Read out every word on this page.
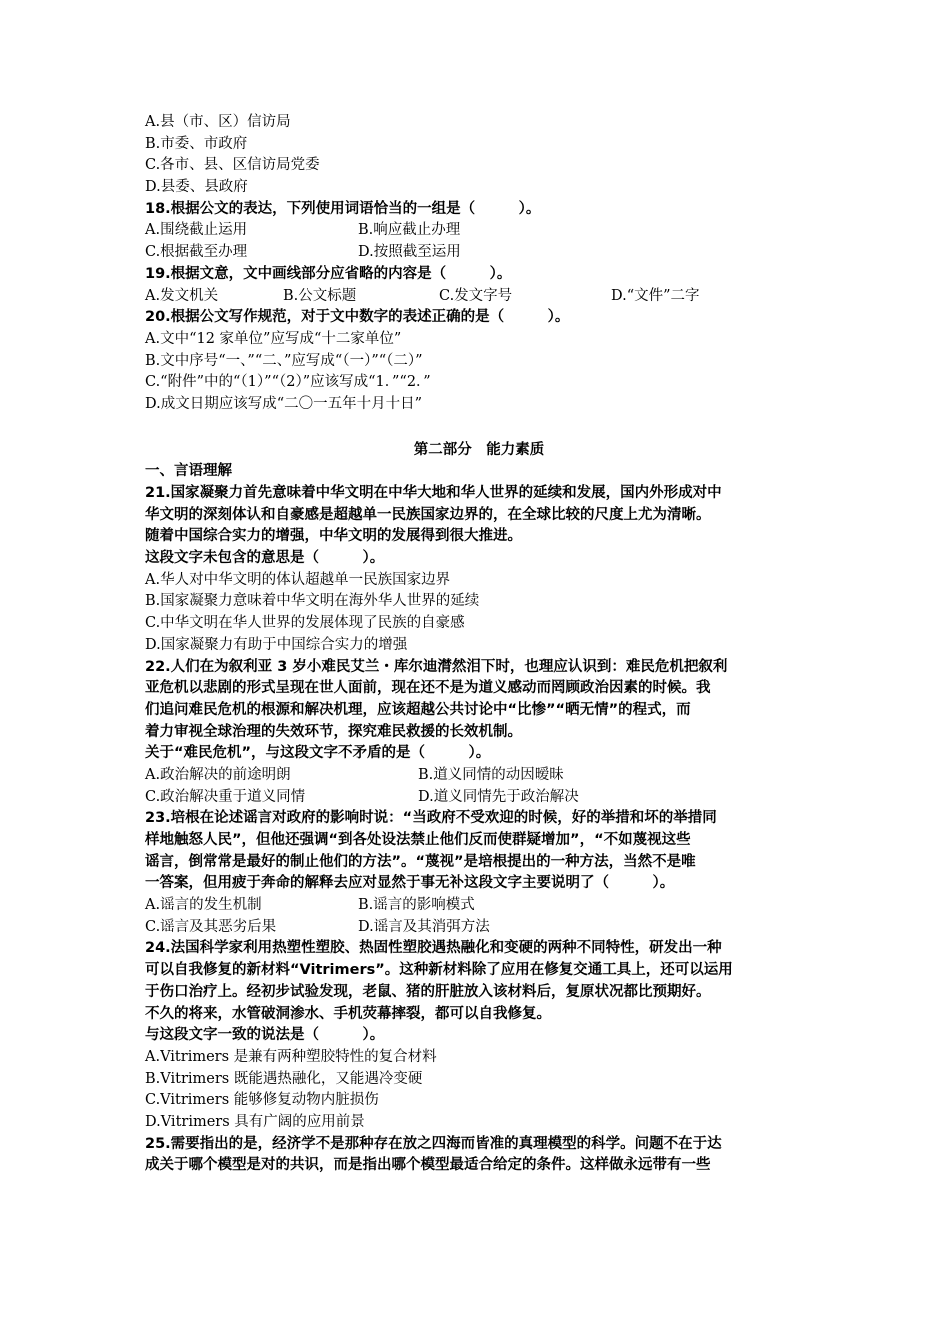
A.县（市、区）信访局
B.市委、市政府
C.各市、县、区信访局党委
D.县委、县政府
18.根据公文的表达，下列使用词语恰当的一组是（　　　）。
A.围绕截止运用	B.响应截止办理
C.根据截至办理	D.按照截至运用
19.根据文意，文中画线部分应省略的内容是（　　　）。
A.发文机关	B.公文标题	C.发文字号	D.“文件”二字
20.根据公文写作规范，对于文中数字的表述正确的是（　　　）。
A.文中“12 家单位”应写成“十二家单位”
B.文中序号“一、”“二、”应写成“（一）”“（二）”
C.“附件”中的“（1）”“（2）”应该写成“1．”“2．”
D.成文日期应该写成“二〇一五年十月十日”
第二部分　能力素质
一、言语理解
21.国家凝聚力首先意味着中华文明在中华大地和华人世界的延续和发展，国内外形成对中
华文明的深刻体认和自豪感是超越单一民族国家边界的，在全球比较的尺度上尤为清晰。
随着中国综合实力的增强，中华文明的发展得到很大推进。
这段文字未包含的意思是（　　　）。
A.华人对中华文明的体认超越单一民族国家边界
B.国家凝聚力意味着中华文明在海外华人世界的延续
C.中华文明在华人世界的发展体现了民族的自豪感
D.国家凝聚力有助于中国综合实力的增强
22.人们在为叙利亚 3 岁小难民艾兰・库尔迪潸然泪下时，也理应认识到：难民危机把叙利
亚危机以悲剧的形式呈现在世人面前，现在还不是为道义感动而罔顾政治因素的时候。我
们追问难民危机的根源和解决机理，应该超越公共讨论中“比惨”“晒无情”的程式，而
着力审视全球治理的失效环节，探究难民救援的长效机制。
关于“难民危机”，与这段文字不矛盾的是（　　　）。
A.政治解决的前途明朗	B.道义同情的动因暧昧
C.政治解决重于道义同情	D.道义同情先于政治解决
23.培根在论述谣言对政府的影响时说：“当政府不受欢迎的时候，好的举措和坏的举措同
样地触怒人民”，但他还强调“到各处设法禁止他们反而使群疑增加”，“不如蔑视这些
谣言，倒常常是最好的制止他们的方法”。“蔑视”是培根提出的一种方法，当然不是唯
一答案，但用疲于奔命的解释去应对显然于事无补这段文字主要说明了（　　　）。
A.谣言的发生机制	B.谣言的影响模式
C.谣言及其恶劣后果	D.谣言及其消弭方法
24.法国科学家利用热塑性塑胶、热固性塑胶遇热融化和变硬的两种不同特性，研发出一种
可以自我修复的新材料“Vitrimers”。这种新材料除了应用在修复交通工具上，还可以运用
于伤口治疗上。经初步试验发现，老鼠、猪的肝脏放入该材料后，复原状况都比预期好。
不久的将来，水管破洞渗水、手机荧幕摔裂，都可以自我修复。
与这段文字一致的说法是（　　　）。
A.Vitrimers 是兼有两种塑胶特性的复合材料
B.Vitrimers 既能遇热融化，又能遇冷变硬
C.Vitrimers 能够修复动物内脏损伤
D.Vitrimers 具有广阔的应用前景
25.需要指出的是，经济学不是那种存在放之四海而皆准的真理模型的科学。问题不在于达
成关于哪个模型是对的共识，而是指出哪个模型最适合给定的条件。这样做永远带有一些
